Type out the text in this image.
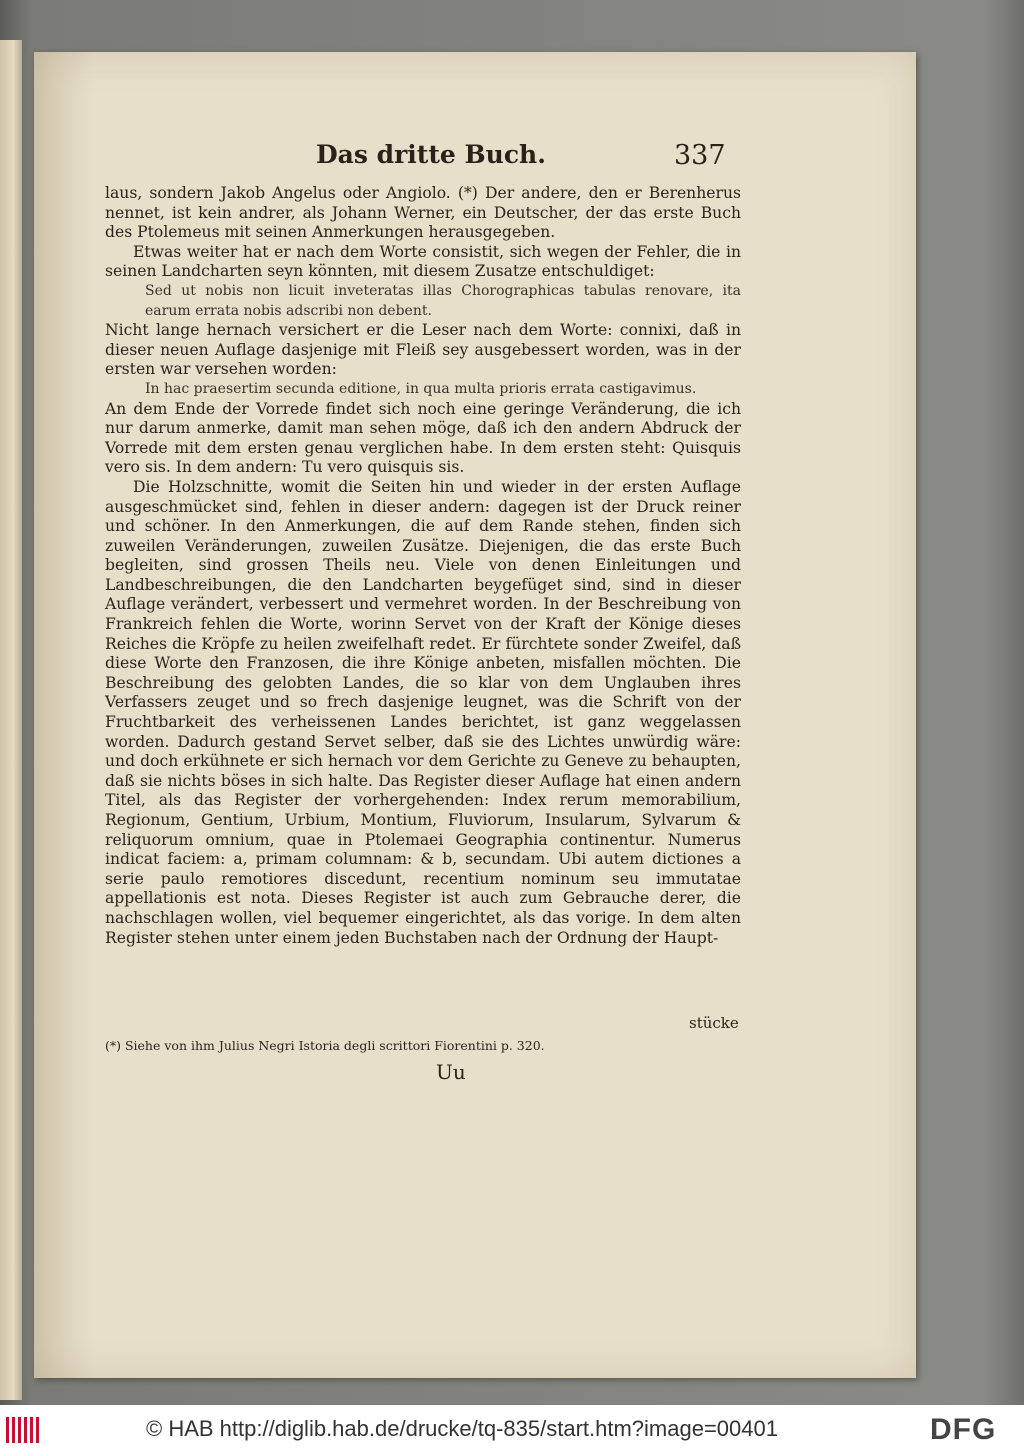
Das dritte Buch.	337

laus, sondern Jakob Angelus oder Angiolo. (*) Der andere, den er Berenherus nennet, ist kein andrer, als Johann Werner, ein Deutscher, der das erste Buch des Ptolemeus mit seinen Anmerkungen herausgegeben.

Etwas weiter hat er nach dem Worte consistit, sich wegen der Fehler, die in seinen Landcharten seyn könnten, mit diesem Zusatze entschuldiget:

Sed ut nobis non licuit inveteratas illas Chorographicas tabulas renovare, ita earum errata nobis adscribi non debent.

Nicht lange hernach versichert er die Leser nach dem Worte: connixi, daß in dieser neuen Auflage dasjenige mit Fleiß sey ausgebessert worden, was in der ersten war versehen worden:

In hac praesertim secunda editione, in qua multa prioris errata castigavimus.

An dem Ende der Vorrede findet sich noch eine geringe Veränderung, die ich nur darum anmerke, damit man sehen möge, daß ich den andern Abdruck der Vorrede mit dem ersten genau verglichen habe. In dem ersten steht: Quisquis vero sis. In dem andern: Tu vero quisquis sis.

Die Holzschnitte, womit die Seiten hin und wieder in der ersten Auflage ausgeschmücket sind, fehlen in dieser andern: dagegen ist der Druck reiner und schöner. In den Anmerkungen, die auf dem Rande stehen, finden sich zuweilen Veränderungen, zuweilen Zusätze. Diejenigen, die das erste Buch begleiten, sind grossen Theils neu. Viele von denen Einleitungen und Landbeschreibungen, die den Landcharten beygefüget sind, sind in dieser Auflage verändert, verbessert und vermehret worden. In der Beschreibung von Frankreich fehlen die Worte, worinn Servet von der Kraft der Könige dieses Reiches die Kröpfe zu heilen zweifelhaft redet. Er fürchtete sonder Zweifel, daß diese Worte den Franzosen, die ihre Könige anbeten, misfallen möchten. Die Beschreibung des gelobten Landes, die so klar von dem Unglauben ihres Verfassers zeuget und so frech dasjenige leugnet, was die Schrift von der Fruchtbarkeit des verheissenen Landes berichtet, ist ganz weggelassen worden. Dadurch gestand Servet selber, daß sie des Lichtes unwürdig wäre: und doch erkühnete er sich hernach vor dem Gerichte zu Geneve zu behaupten, daß sie nichts böses in sich halte. Das Register dieser Auflage hat einen andern Titel, als das Register der vorhergehenden: Index rerum memorabilium, Regionum, Gentium, Urbium, Montium, Fluviorum, Insularum, Sylvarum & reliquorum omnium, quae in Ptolemaei Geographia continentur. Numerus indicat faciem: a, primam columnam: & b, secundam. Ubi autem dictiones a serie paulo remotiores discedunt, recentium nominum seu immutatae appellationis est nota. Dieses Register ist auch zum Gebrauche derer, die nachschlagen wollen, viel bequemer eingerichtet, als das vorige. In dem alten Register stehen unter einem jeden Buchstaben nach der Ordnung der Haupt-

stücke
(*) Siehe von ihm Julius Negri Istoria degli scrittori Fiorentini p. 320.
Uu
© HAB http://diglib.hab.de/drucke/tq-835/start.htm?image=00401	DFG
